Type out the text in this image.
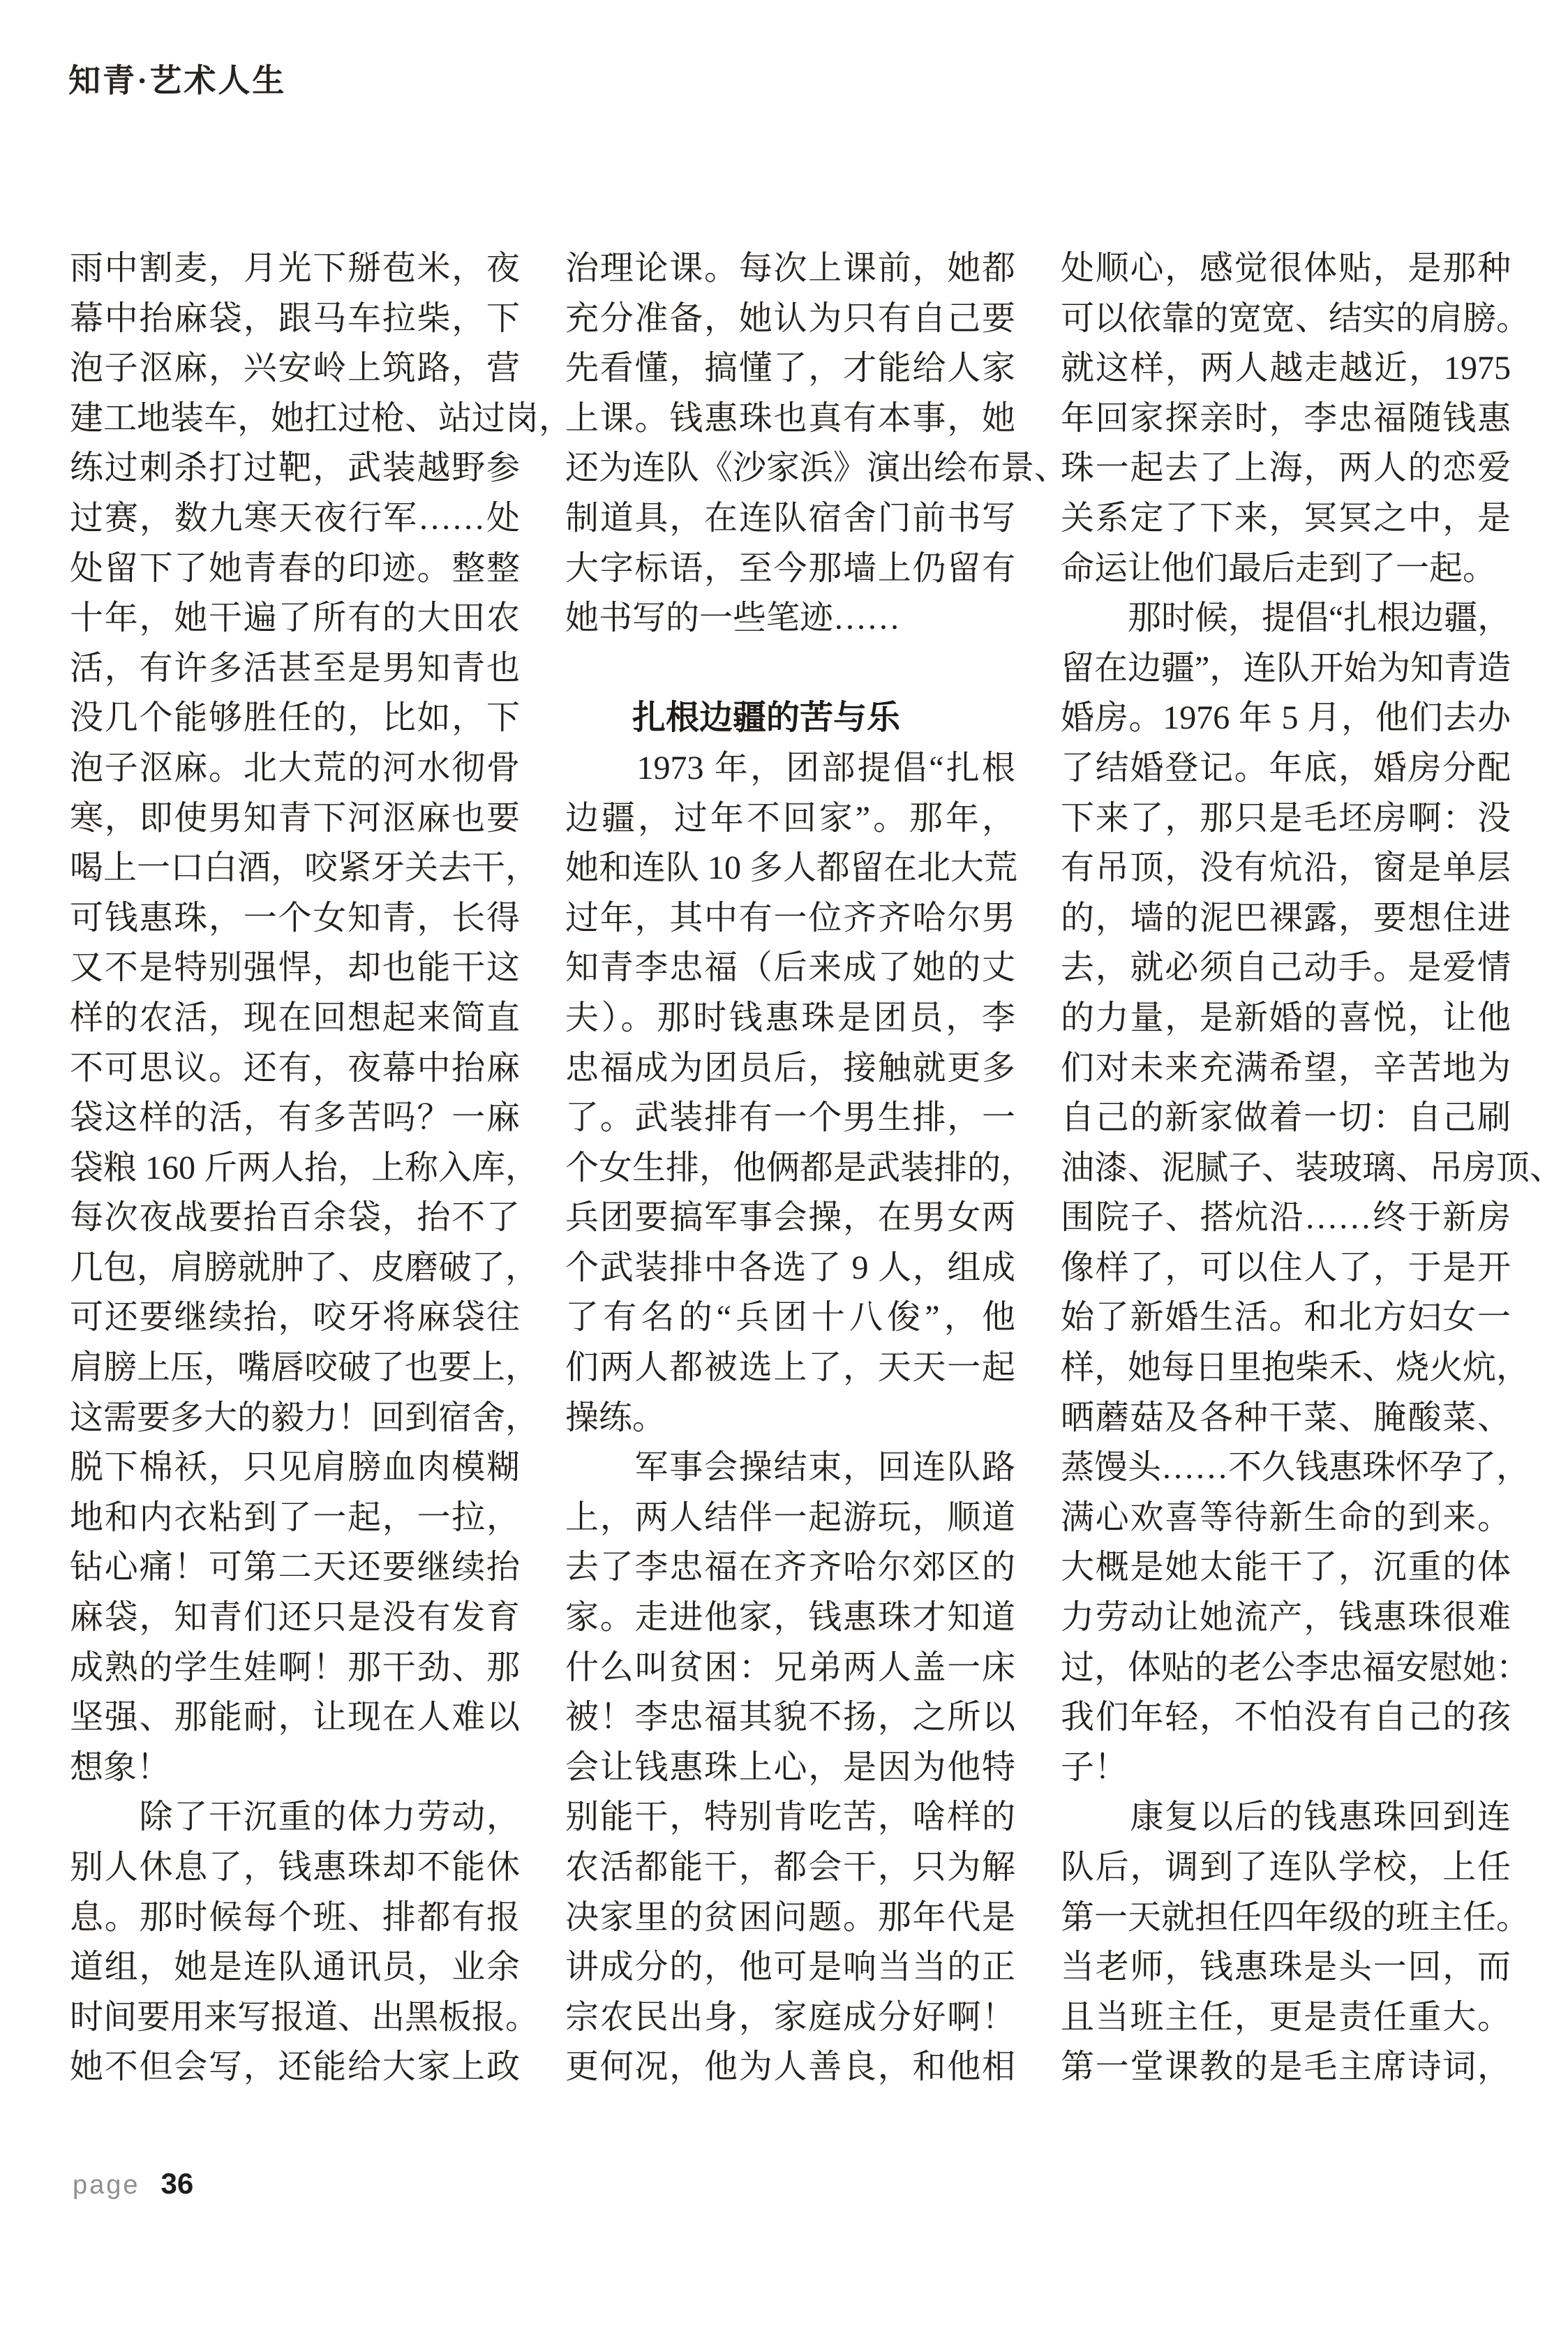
知青·艺术人生
雨中割麦，月光下掰苞米，夜
幕中抬麻袋，跟马车拉柴，下
泡子沤麻，兴安岭上筑路，营
建工地装车，她扛过枪、站过岗，
练过刺杀打过靶，武装越野参
过赛，数九寒天夜行军……处
处留下了她青春的印迹。整整
十年，她干遍了所有的大田农
活，有许多活甚至是男知青也
没几个能够胜任的，比如，下
泡子沤麻。北大荒的河水彻骨
寒，即使男知青下河沤麻也要
喝上一口白酒，咬紧牙关去干，
可钱惠珠，一个女知青，长得
又不是特别强悍，却也能干这
样的农活，现在回想起来简直
不可思议。还有，夜幕中抬麻
袋这样的活，有多苦吗？一麻
袋粮 160 斤两人抬，上称入库，
每次夜战要抬百余袋，抬不了
几包，肩膀就肿了、皮磨破了，
可还要继续抬，咬牙将麻袋往
肩膀上压，嘴唇咬破了也要上，
这需要多大的毅力！回到宿舍，
脱下棉袄，只见肩膀血肉模糊
地和内衣粘到了一起，一拉，
钻心痛！可第二天还要继续抬
麻袋，知青们还只是没有发育
成熟的学生娃啊！那干劲、那
坚强、那能耐，让现在人难以
想象！
　　除了干沉重的体力劳动，
别人休息了，钱惠珠却不能休
息。那时候每个班、排都有报
道组，她是连队通讯员，业余
时间要用来写报道、出黑板报。
她不但会写，还能给大家上政
治理论课。每次上课前，她都
充分准备，她认为只有自己要
先看懂，搞懂了，才能给人家
上课。钱惠珠也真有本事，她
还为连队《沙家浜》演出绘布景、
制道具，在连队宿舍门前书写
大字标语，至今那墙上仍留有
她书写的一些笔迹……
　　扎根边疆的苦与乐
　　1973 年，团部提倡“扎根
边疆，过年不回家”。那年，
她和连队 10 多人都留在北大荒
过年，其中有一位齐齐哈尔男
知青李忠福（后来成了她的丈
夫）。那时钱惠珠是团员，李
忠福成为团员后，接触就更多
了。武装排有一个男生排，一
个女生排，他俩都是武装排的，
兵团要搞军事会操，在男女两
个武装排中各选了 9 人，组成
了有名的“兵团十八俊”，他
们两人都被选上了，天天一起
操练。
　　军事会操结束，回连队路
上，两人结伴一起游玩，顺道
去了李忠福在齐齐哈尔郊区的
家。走进他家，钱惠珠才知道
什么叫贫困：兄弟两人盖一床
被！李忠福其貌不扬，之所以
会让钱惠珠上心，是因为他特
别能干，特别肯吃苦，啥样的
农活都能干，都会干，只为解
决家里的贫困问题。那年代是
讲成分的，他可是响当当的正
宗农民出身，家庭成分好啊！
更何况，他为人善良，和他相
处顺心，感觉很体贴，是那种
可以依靠的宽宽、结实的肩膀。
就这样，两人越走越近，1975
年回家探亲时，李忠福随钱惠
珠一起去了上海，两人的恋爱
关系定了下来，冥冥之中，是
命运让他们最后走到了一起。
　　那时候，提倡“扎根边疆，
留在边疆”，连队开始为知青造
婚房。1976 年 5 月，他们去办
了结婚登记。年底，婚房分配
下来了，那只是毛坯房啊：没
有吊顶，没有炕沿，窗是单层
的，墙的泥巴裸露，要想住进
去，就必须自己动手。是爱情
的力量，是新婚的喜悦，让他
们对未来充满希望，辛苦地为
自己的新家做着一切：自己刷
油漆、泥腻子、装玻璃、吊房顶、
围院子、搭炕沿……终于新房
像样了，可以住人了，于是开
始了新婚生活。和北方妇女一
样，她每日里抱柴禾、烧火炕，
晒蘑菇及各种干菜、腌酸菜、
蒸馒头……不久钱惠珠怀孕了，
满心欢喜等待新生命的到来。
大概是她太能干了，沉重的体
力劳动让她流产，钱惠珠很难
过，体贴的老公李忠福安慰她：
我们年轻，不怕没有自己的孩
子！
　　康复以后的钱惠珠回到连
队后，调到了连队学校，上任
第一天就担任四年级的班主任。
当老师，钱惠珠是头一回，而
且当班主任，更是责任重大。
第一堂课教的是毛主席诗词，
page 36
